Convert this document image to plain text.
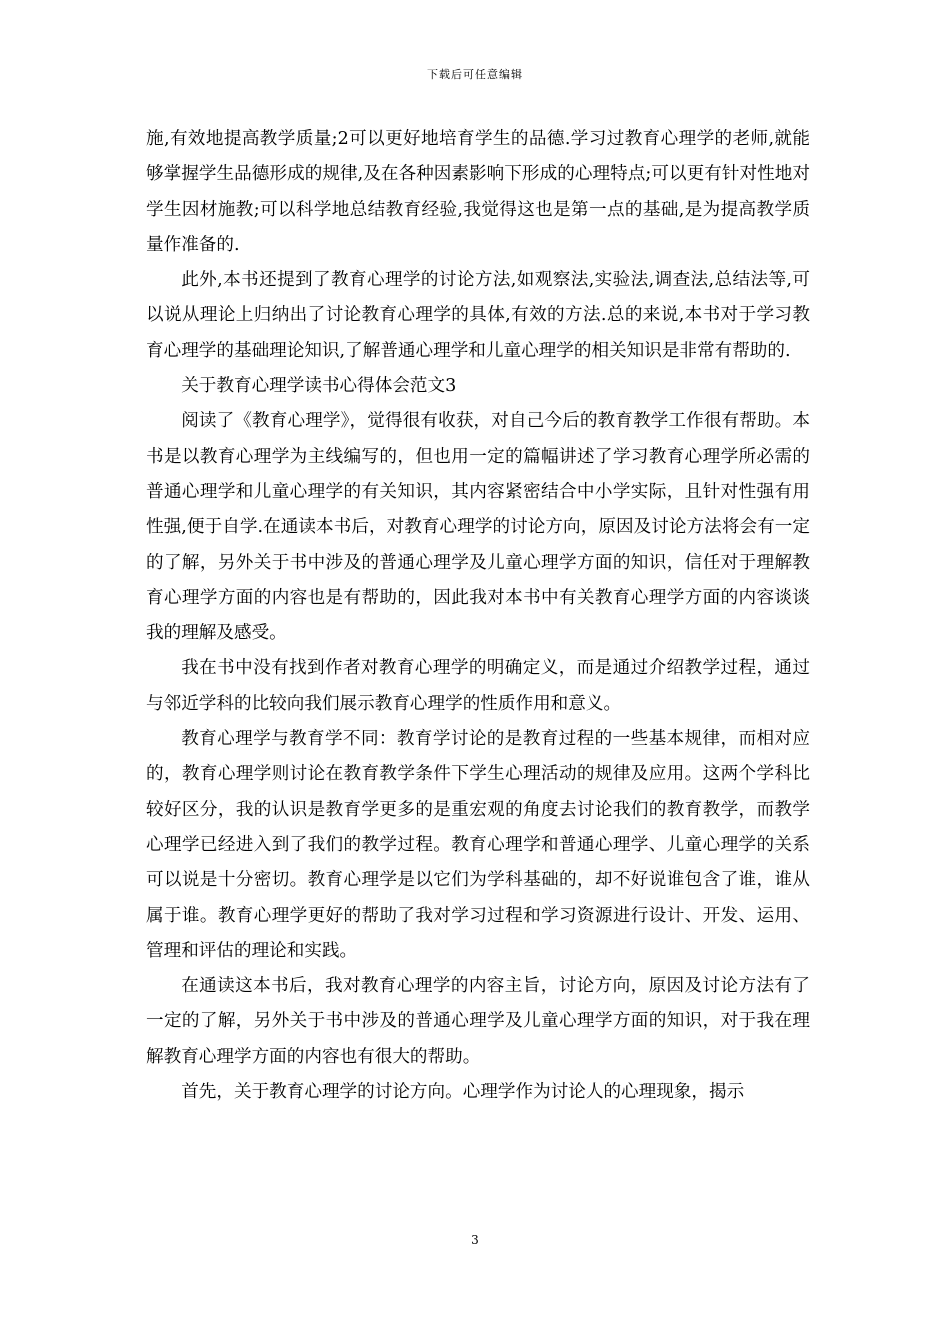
下载后可任意编辑

施,有效地提高教学质量;2可以更好地培育学生的品德.学习过教育心理学的老师,就能够掌握学生品德形成的规律,及在各种因素影响下形成的心理特点;可以更有针对性地对学生因材施教;可以科学地总结教育经验,我觉得这也是第一点的基础,是为提高教学质量作准备的.

此外,本书还提到了教育心理学的讨论方法,如观察法,实验法,调查法,总结法等,可以说从理论上归纳出了讨论教育心理学的具体,有效的方法.总的来说,本书对于学习教育心理学的基础理论知识,了解普通心理学和儿童心理学的相关知识是非常有帮助的.

关于教育心理学读书心得体会范文3

阅读了《教育心理学》，觉得很有收获，对自己今后的教育教学工作很有帮助。本书是以教育心理学为主线编写的，但也用一定的篇幅讲述了学习教育心理学所必需的普通心理学和儿童心理学的有关知识，其内容紧密结合中小学实际，且针对性强有用性强,便于自学.在通读本书后，对教育心理学的讨论方向，原因及讨论方法将会有一定的了解，另外关于书中涉及的普通心理学及儿童心理学方面的知识，信任对于理解教育心理学方面的内容也是有帮助的，因此我对本书中有关教育心理学方面的内容谈谈我的理解及感受。

我在书中没有找到作者对教育心理学的明确定义，而是通过介绍教学过程，通过与邻近学科的比较向我们展示教育心理学的性质作用和意义。

教育心理学与教育学不同：教育学讨论的是教育过程的一些基本规律，而相对应的，教育心理学则讨论在教育教学条件下学生心理活动的规律及应用。这两个学科比较好区分，我的认识是教育学更多的是重宏观的角度去讨论我们的教育教学，而教学心理学已经进入到了我们的教学过程。教育心理学和普通心理学、儿童心理学的关系可以说是十分密切。教育心理学是以它们为学科基础的，却不好说谁包含了谁，谁从属于谁。教育心理学更好的帮助了我对学习过程和学习资源进行设计、开发、运用、管理和评估的理论和实践。

在通读这本书后，我对教育心理学的内容主旨，讨论方向，原因及讨论方法有了一定的了解，另外关于书中涉及的普通心理学及儿童心理学方面的知识，对于我在理解教育心理学方面的内容也有很大的帮助。

首先，关于教育心理学的讨论方向。心理学作为讨论人的心理现象，揭示

3
